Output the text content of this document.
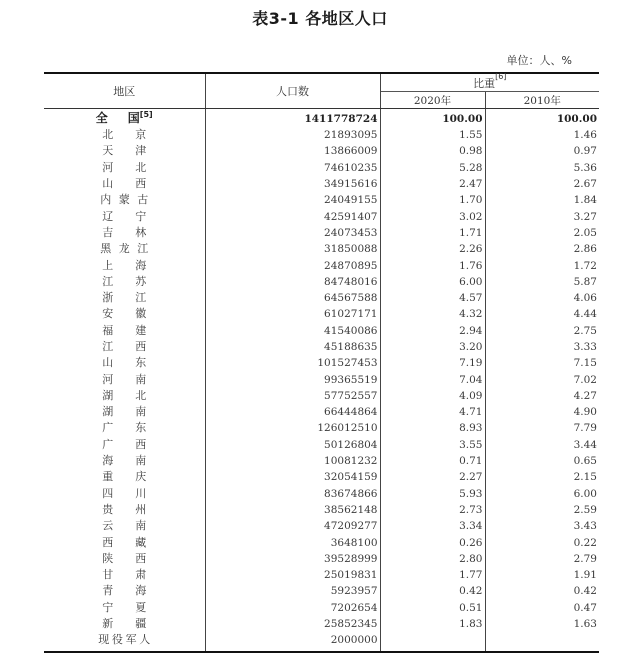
表3-1 各地区人口
单位：人、%
地区	人口数	比重[6]
		2020年	2010年
全国[5]	1411778724	100.00	100.00
北京	21893095	1.55	1.46
天津	13866009	0.98	0.97
河北	74610235	5.28	5.36
山西	34915616	2.47	2.67
内蒙古	24049155	1.70	1.84
辽宁	42591407	3.02	3.27
吉林	24073453	1.71	2.05
黑龙江	31850088	2.26	2.86
上海	24870895	1.76	1.72
江苏	84748016	6.00	5.87
浙江	64567588	4.57	4.06
安徽	61027171	4.32	4.44
福建	41540086	2.94	2.75
江西	45188635	3.20	3.33
山东	101527453	7.19	7.15
河南	99365519	7.04	7.02
湖北	57752557	4.09	4.27
湖南	66444864	4.71	4.90
广东	126012510	8.93	7.79
广西	50126804	3.55	3.44
海南	10081232	0.71	0.65
重庆	32054159	2.27	2.15
四川	83674866	5.93	6.00
贵州	38562148	2.73	2.59
云南	47209277	3.34	3.43
西藏	3648100	0.26	0.22
陕西	39528999	2.80	2.79
甘肃	25019831	1.77	1.91
青海	5923957	0.42	0.42
宁夏	7202654	0.51	0.47
新疆	25852345	1.83	1.63
现役军人	2000000		
